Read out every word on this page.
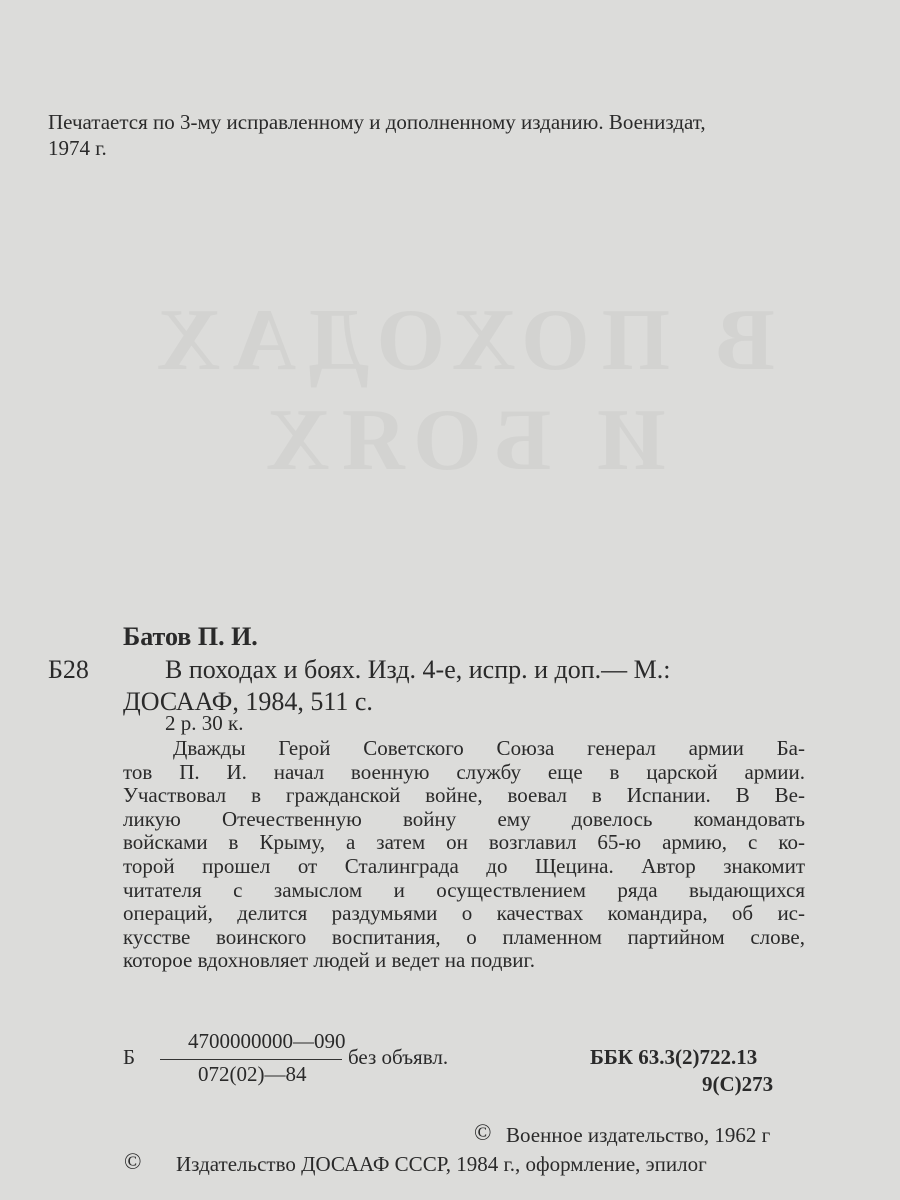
В ПОХОДАХ
И БОЯХ
Печатается по 3-му исправленному и дополненному изданию. Воениздат,
1974 г.
Батов П. И.
Б28	В походах и боях. Изд. 4-е, испр. и доп.— М.:
ДОСААФ, 1984, 511 с.
2 р. 30 к.
Дважды Герой Советского Союза генерал армии Ба-
тов П. И. начал военную службу еще в царской армии.
Участвовал в гражданской войне, воевал в Испании. В Ве-
ликую Отечественную войну ему довелось командовать
войсками в Крыму, а затем он возглавил 65-ю армию, с ко-
торой прошел от Сталинграда до Щецина. Автор знакомит
читателя с замыслом и осуществлением ряда выдающихся
операций, делится раздумьями о качествах командира, об ис-
кусстве воинского воспитания, о пламенном партийном слове,
которое вдохновляет людей и ведет на подвиг.
Б
4700000000—090
072(02)—84
без объявл.	ББК 63.3(2)722.13
9(С)273
© Военное издательство, 1962 г
© Издательство ДОСААФ СССР, 1984 г., оформление, эпилог
